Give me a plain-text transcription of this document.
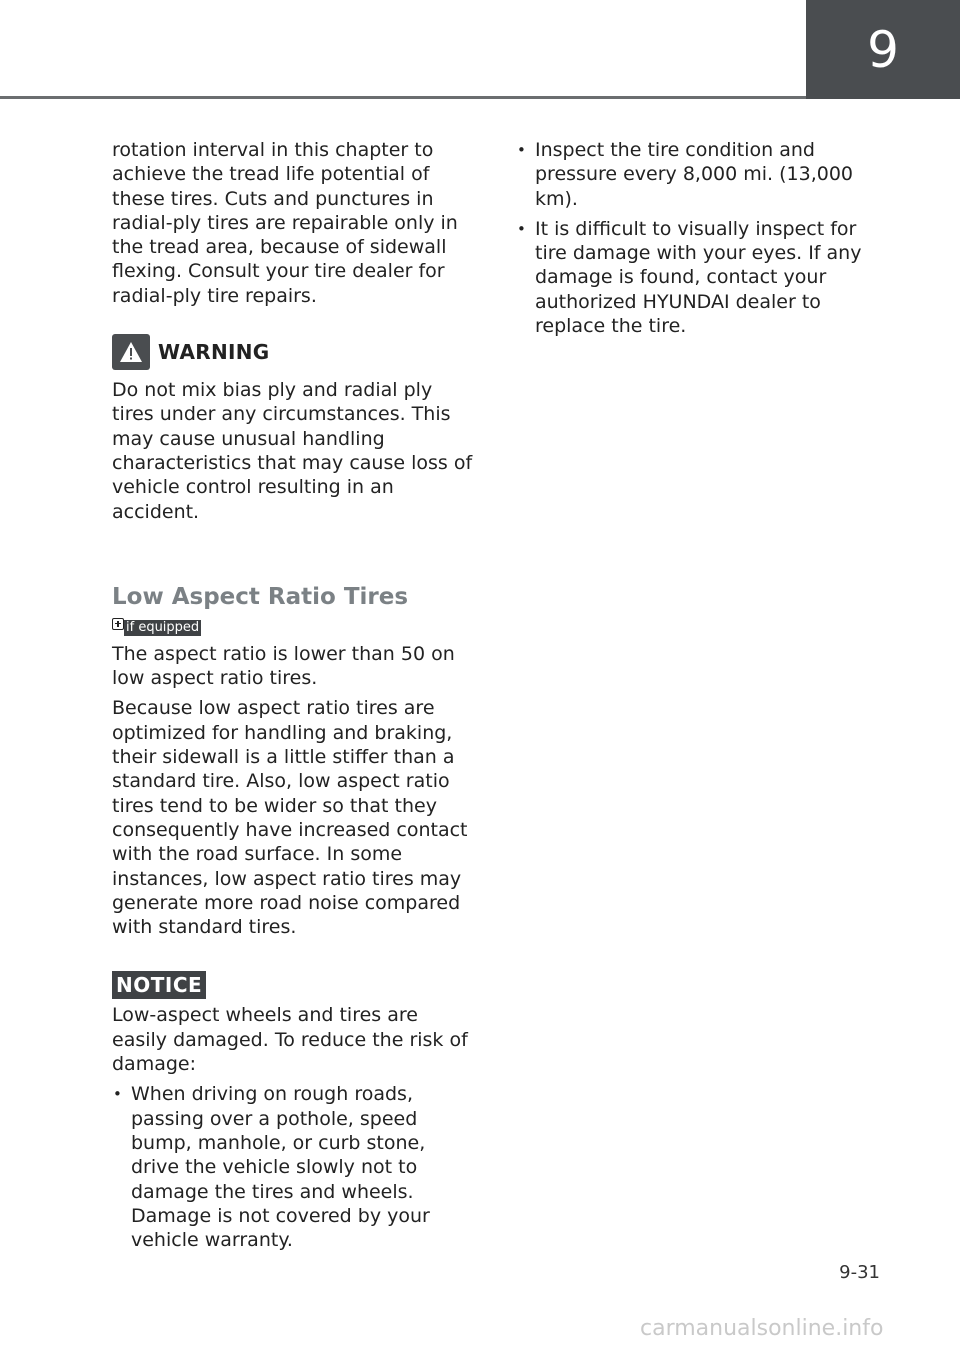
9

rotation interval in this chapter to achieve the tread life potential of these tires. Cuts and punctures in radial-ply tires are repairable only in the tread area, because of sidewall flexing. Consult your tire dealer for radial-ply tire repairs.

WARNING

Do not mix bias ply and radial ply tires under any circumstances. This may cause unusual handling characteristics that may cause loss of vehicle control resulting in an accident.

Low Aspect Ratio Tires
if equipped

The aspect ratio is lower than 50 on low aspect ratio tires.

Because low aspect ratio tires are optimized for handling and braking, their sidewall is a little stiffer than a standard tire. Also, low aspect ratio tires tend to be wider so that they consequently have increased contact with the road surface. In some instances, low aspect ratio tires may generate more road noise compared with standard tires.

NOTICE

Low-aspect wheels and tires are easily damaged. To reduce the risk of damage:

• When driving on rough roads, passing over a pothole, speed bump, manhole, or curb stone, drive the vehicle slowly not to damage the tires and wheels. Damage is not covered by your vehicle warranty.
• Inspect the tire condition and pressure every 8,000 mi. (13,000 km).
• It is difficult to visually inspect for tire damage with your eyes. If any damage is found, contact your authorized HYUNDAI dealer to replace the tire.
9-31
carmanualsonline.info
